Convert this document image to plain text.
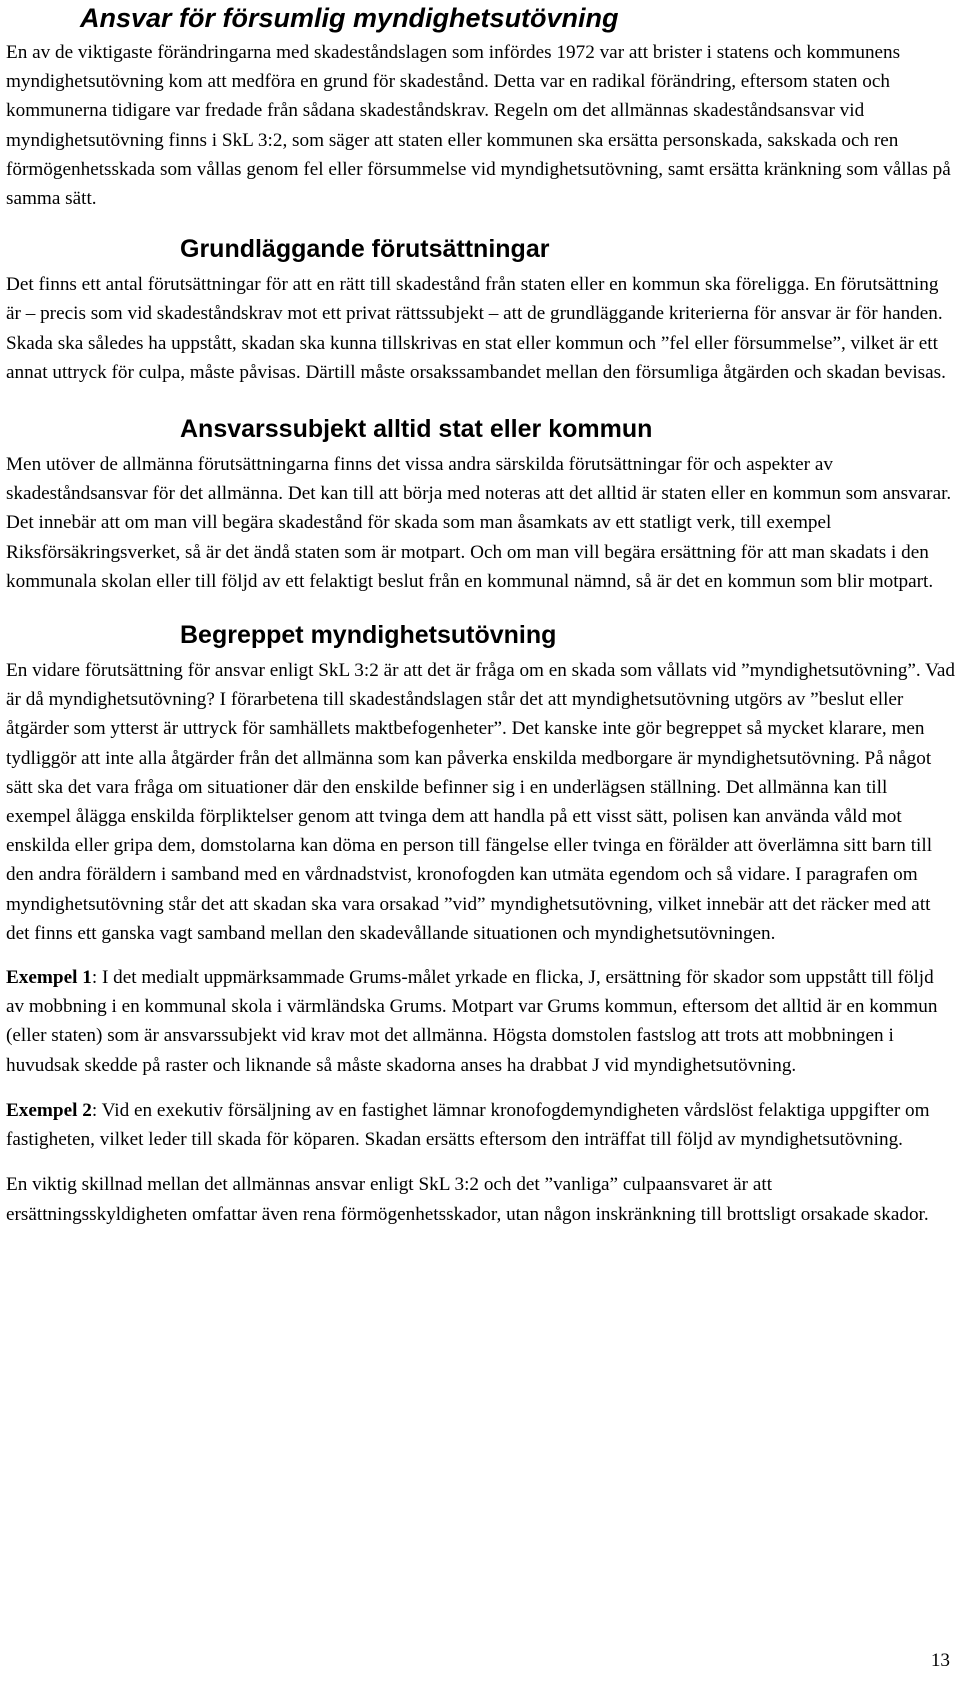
Ansvar för försumlig myndighetsutövning

En av de viktigaste förändringarna med skadeståndslagen som infördes 1972 var att brister i statens och kommunens myndighetsutövning kom att medföra en grund för skadestånd. Detta var en radikal förändring, eftersom staten och kommunerna tidigare var fredade från sådana skadeståndskrav. Regeln om det allmännas skadeståndsansvar vid myndighetsutövning finns i SkL 3:2, som säger att staten eller kommunen ska ersätta personskada, sakskada och ren förmögenhetsskada som vållas genom fel eller försummelse vid myndighetsutövning, samt ersätta kränkning som vållas på samma sätt.

Grundläggande förutsättningar

Det finns ett antal förutsättningar för att en rätt till skadestånd från staten eller en kommun ska föreligga. En förutsättning är – precis som vid skadeståndskrav mot ett privat rättssubjekt – att de grundläggande kriterierna för ansvar är för handen. Skada ska således ha uppstått, skadan ska kunna tillskrivas en stat eller kommun och ”fel eller försummelse”, vilket är ett annat uttryck för culpa, måste påvisas. Därtill måste orsakssambandet mellan den försumliga åtgärden och skadan bevisas.

Ansvarssubjekt alltid stat eller kommun

Men utöver de allmänna förutsättningarna finns det vissa andra särskilda förutsättningar för och aspekter av skadeståndsansvar för det allmänna. Det kan till att börja med noteras att det alltid är staten eller en kommun som ansvarar. Det innebär att om man vill begära skadestånd för skada som man åsamkats av ett statligt verk, till exempel Riksförsäkringsverket, så är det ändå staten som är motpart. Och om man vill begära ersättning för att man skadats i den kommunala skolan eller till följd av ett felaktigt beslut från en kommunal nämnd, så är det en kommun som blir motpart.

Begreppet myndighetsutövning

En vidare förutsättning för ansvar enligt SkL 3:2 är att det är fråga om en skada som vållats vid ”myndighetsutövning”. Vad är då myndighetsutövning? I förarbetena till skadeståndslagen står det att myndighetsutövning utgörs av ”beslut eller åtgärder som ytterst är uttryck för samhällets maktbefogenheter”. Det kanske inte gör begreppet så mycket klarare, men tydliggör att inte alla åtgärder från det allmänna som kan påverka enskilda medborgare är myndighetsutövning. På något sätt ska det vara fråga om situationer där den enskilde befinner sig i en underlägsen ställning. Det allmänna kan till exempel ålägga enskilda förpliktelser genom att tvinga dem att handla på ett visst sätt, polisen kan använda våld mot enskilda eller gripa dem, domstolarna kan döma en person till fängelse eller tvinga en förälder att överlämna sitt barn till den andra föräldern i samband med en vårdnadstvist, kronofogden kan utmäta egendom och så vidare. I paragrafen om myndighetsutövning står det att skadan ska vara orsakad ”vid” myndighetsutövning, vilket innebär att det räcker med att det finns ett ganska vagt samband mellan den skadevållande situationen och myndighetsutövningen.

Exempel 1: I det medialt uppmärksammade Grums-målet yrkade en flicka, J, ersättning för skador som uppstått till följd av mobbning i en kommunal skola i värmländska Grums. Motpart var Grums kommun, eftersom det alltid är en kommun (eller staten) som är ansvarssubjekt vid krav mot det allmänna. Högsta domstolen fastslog att trots att mobbningen i huvudsak skedde på raster och liknande så måste skadorna anses ha drabbat J vid myndighetsutövning.

Exempel 2: Vid en exekutiv försäljning av en fastighet lämnar kronofogdemyndigheten vårdslöst felaktiga uppgifter om fastigheten, vilket leder till skada för köparen. Skadan ersätts eftersom den inträffat till följd av myndighetsutövning.

En viktig skillnad mellan det allmännas ansvar enligt SkL 3:2 och det ”vanliga” culpaansvaret är att ersättningsskyldigheten omfattar även rena förmögenhetsskador, utan någon inskränkning till brottsligt orsakade skador.

13
